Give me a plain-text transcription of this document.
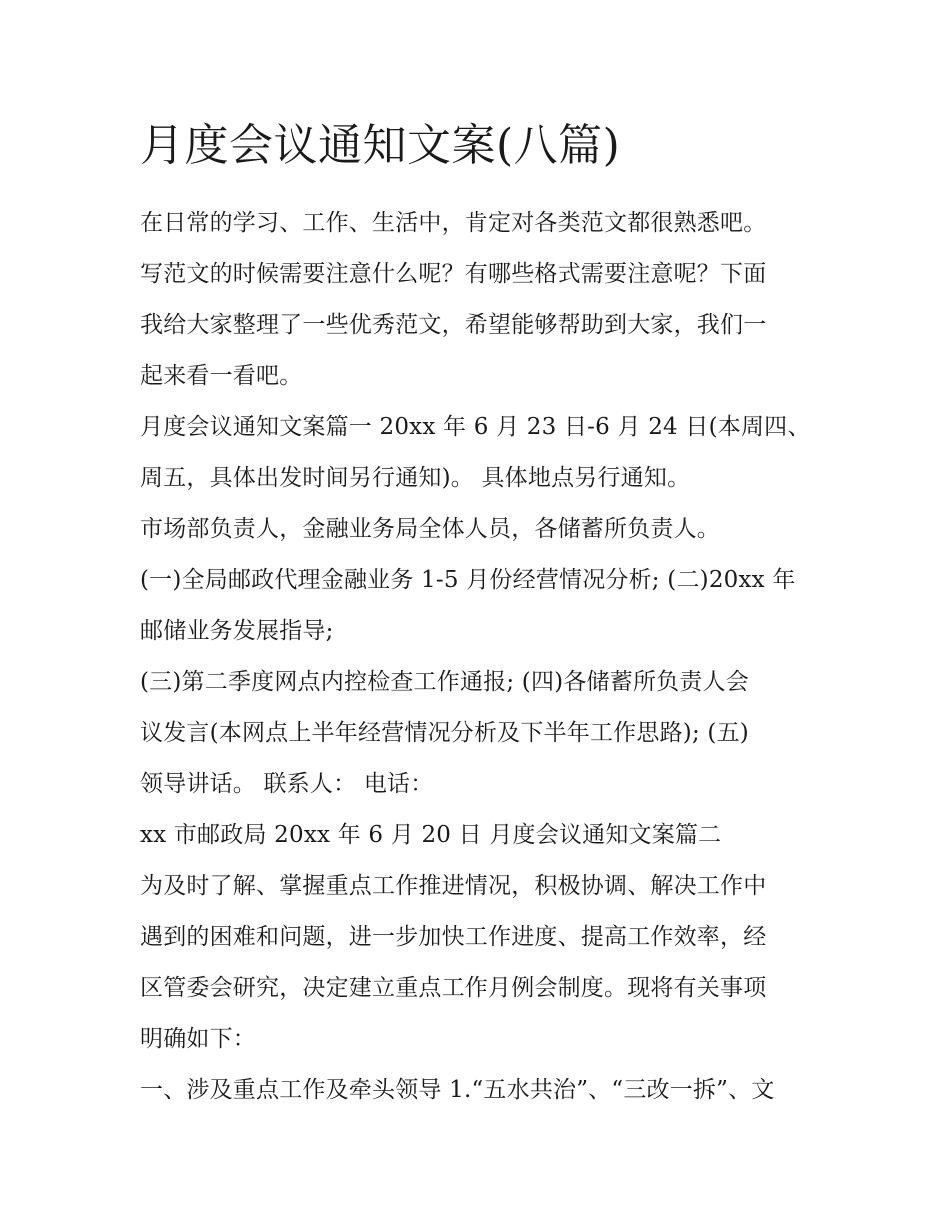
月度会议通知文案(八篇)
在日常的学习、工作、生活中，肯定对各类范文都很熟悉吧。
写范文的时候需要注意什么呢？有哪些格式需要注意呢？下面
我给大家整理了一些优秀范文，希望能够帮助到大家，我们一
起来看一看吧。
月度会议通知文案篇一 20xx 年 6 月 23 日-6 月 24 日(本周四、
周五，具体出发时间另行通知)。 具体地点另行通知。
市场部负责人，金融业务局全体人员，各储蓄所负责人。
(一)全局邮政代理金融业务 1-5 月份经营情况分析; (二)20xx 年
邮储业务发展指导;
(三)第二季度网点内控检查工作通报; (四)各储蓄所负责人会
议发言(本网点上半年经营情况分析及下半年工作思路); (五)
领导讲话。 联系人： 电话：
xx 市邮政局 20xx 年 6 月 20 日 月度会议通知文案篇二
为及时了解、掌握重点工作推进情况，积极协调、解决工作中
遇到的困难和问题，进一步加快工作进度、提高工作效率，经
区管委会研究，决定建立重点工作月例会制度。现将有关事项
明确如下：
一、涉及重点工作及牵头领导 1.“五水共治”、“三改一拆”、文
